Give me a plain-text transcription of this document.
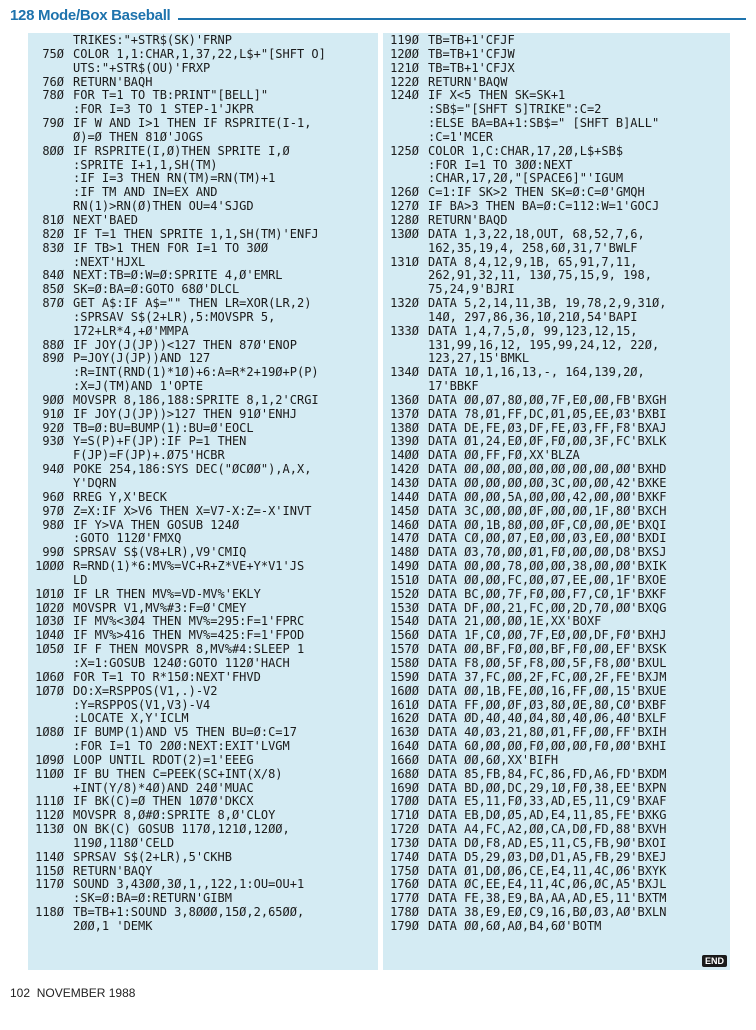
128 Mode/Box Baseball
TRIKES:"+STR$(SK)'FRNP
75Ø COLOR 1,1:CHAR,1,37,22,L$+"[SHFT O]
UTS:"+STR$(OU)'FRXP
76Ø RETURN'BAQH
78Ø FOR T=1 TO TB:PRINT"[BELL]"
:FOR I=3 TO 1 STEP-1'JKPR
79Ø IF W AND I>1 THEN IF RSPRITE(I-1,
Ø)=Ø THEN 81Ø'JOGS
8ØØ IF RSPRITE(I,Ø)THEN SPRITE I,Ø
:SPRITE I+1,1,SH(TM)
:IF I=3 THEN RN(TM)=RN(TM)+1
:IF TM AND IN=EX AND
RN(1)>RN(Ø)THEN OU=4'SJGD
81Ø NEXT'BAED
82Ø IF T=1 THEN SPRITE 1,1,SH(TM)'ENFJ
83Ø IF TB>1 THEN FOR I=1 TO 3ØØ
:NEXT'HJXL
84Ø NEXT:TB=Ø:W=Ø:SPRITE 4,Ø'EMRL
85Ø SK=Ø:BA=Ø:GOTO 68Ø'DLCL
87Ø GET A$:IF A$="" THEN LR=XOR(LR,2)
:SPRSAV S$(2+LR),5:MOVSPR 5,
172+LR*4,+Ø'MMPA
88Ø IF JOY(J(JP))<127 THEN 87Ø'ENOP
89Ø P=JOY(J(JP))AND 127
:R=INT(RND(1)*1Ø)+6:A=R*2+19Ø+P(P)
:X=J(TM)AND 1'OPTE
9ØØ MOVSPR 8,186,188:SPRITE 8,1,2'CRGI
91Ø IF JOY(J(JP))>127 THEN 91Ø'ENHJ
92Ø TB=Ø:BU=BUMP(1):BU=Ø'EOCL
93Ø Y=S(P)+F(JP):IF P=1 THEN
F(JP)=F(JP)+.Ø75'HCBR
94Ø POKE 254,186:SYS DEC("ØCØØ"),A,X,
Y'DQRN
96Ø RREG Y,X'BECK
97Ø Z=X:IF X>V6 THEN X=V7-X:Z=-X'INVT
98Ø IF Y>VA THEN GOSUB 124Ø
:GOTO 112Ø'FMXQ
99Ø SPRSAV S$(V8+LR),V9'CMIQ
1ØØØ R=RND(1)*6:MV%=VC+R+Z*VE+Y*V1'JS
LD
1Ø1Ø IF LR THEN MV%=VD-MV%'EKLY
1Ø2Ø MOVSPR V1,MV%#3:F=Ø'CMEY
1Ø3Ø IF MV%<3Ø4 THEN MV%=295:F=1'FPRC
1Ø4Ø IF MV%>416 THEN MV%=425:F=1'FPOD
1Ø5Ø IF F THEN MOVSPR 8,MV%#4:SLEEP 1
:X=1:GOSUB 124Ø:GOTO 112Ø'HACH
1Ø6Ø FOR T=1 TO R*15Ø:NEXT'FHVD
1Ø7Ø DO:X=RSPPOS(V1,.)-V2
:Y=RSPPOS(V1,V3)-V4
:LOCATE X,Y'ICLM
1Ø8Ø IF BUMP(1)AND V5 THEN BU=Ø:C=17
:FOR I=1 TO 2ØØ:NEXT:EXIT'LVGM
1Ø9Ø LOOP UNTIL RDOT(2)=1'EEEG
11ØØ IF BU THEN C=PEEK(SC+INT(X/8)
+INT(Y/8)*4Ø)AND 24Ø'MUAC
111Ø IF BK(C)=Ø THEN 1Ø7Ø'DKCX
112Ø MOVSPR 8,Ø#Ø:SPRITE 8,Ø'CLOY
113Ø ON BK(C) GOSUB 117Ø,121Ø,12ØØ,
119Ø,118Ø'CELD
114Ø SPRSAV S$(2+LR),5'CKHB
115Ø RETURN'BAQY
117Ø SOUND 3,43ØØ,3Ø,1,,122,1:OU=OU+1
:SK=Ø:BA=Ø:RETURN'GIBM
118Ø TB=TB+1:SOUND 3,8ØØØ,15Ø,2,65ØØ,
2ØØ,1 'DEMK
119Ø TB=TB+1'CFJF
12ØØ TB=TB+1'CFJW
121Ø TB=TB+1'CFJX
122Ø RETURN'BAQW
124Ø IF X<5 THEN SK=SK+1
:SB$="[SHFT S]TRIKE":C=2
:ELSE BA=BA+1:SB$=" [SHFT B]ALL"
:C=1'MCER
125Ø COLOR 1,C:CHAR,17,2Ø,L$+SB$
:FOR I=1 TO 3ØØ:NEXT
:CHAR,17,2Ø,"[SPACE6]"'IGUM
126Ø C=1:IF SK>2 THEN SK=Ø:C=Ø'GMQH
127Ø IF BA>3 THEN BA=Ø:C=112:W=1'GOCJ
128Ø RETURN'BAQD
13ØØ DATA 1,3,22,18,OUT, 68,52,7,6,
162,35,19,4, 258,6Ø,31,7'BWLF
131Ø DATA 8,4,12,9,1B, 65,91,7,11,
262,91,32,11, 13Ø,75,15,9, 198,
75,24,9'BJRI
132Ø DATA 5,2,14,11,3B, 19,78,2,9,31Ø,
14Ø, 297,86,36,1Ø,21Ø,54'BAPI
133Ø DATA 1,4,7,5,Ø, 99,123,12,15,
131,99,16,12, 195,99,24,12, 22Ø,
123,27,15'BMKL
134Ø DATA 1Ø,1,16,13,-, 164,139,2Ø,
17'BBKF
136Ø DATA ØØ,Ø7,8Ø,ØØ,7F,EØ,ØØ,FB'BXGH
137Ø DATA 78,Ø1,FF,DC,Ø1,Ø5,EE,Ø3'BXBI
138Ø DATA DE,FE,Ø3,DF,FE,Ø3,FF,F8'BXAJ
139Ø DATA Ø1,24,EØ,ØF,FØ,ØØ,3F,FC'BXLK
14ØØ DATA ØØ,FF,FØ,XX'BLZA
142Ø DATA ØØ,ØØ,ØØ,ØØ,ØØ,ØØ,ØØ,ØØ'BXHD
143Ø DATA ØØ,ØØ,ØØ,ØØ,3C,ØØ,ØØ,42'BXKE
144Ø DATA ØØ,ØØ,5A,ØØ,ØØ,42,ØØ,ØØ'BXKF
145Ø DATA 3C,ØØ,ØØ,ØF,ØØ,ØØ,1F,8Ø'BXCH
146Ø DATA ØØ,1B,8Ø,ØØ,ØF,CØ,ØØ,ØE'BXQI
147Ø DATA CØ,ØØ,Ø7,EØ,ØØ,Ø3,EØ,ØØ'BXDI
148Ø DATA Ø3,7Ø,ØØ,Ø1,FØ,ØØ,ØØ,D8'BXSJ
149Ø DATA ØØ,ØØ,78,ØØ,ØØ,38,ØØ,ØØ'BXIK
151Ø DATA ØØ,ØØ,FC,ØØ,Ø7,EE,ØØ,1F'BXOE
152Ø DATA BC,ØØ,7F,FØ,ØØ,F7,CØ,1F'BXKF
153Ø DATA DF,ØØ,21,FC,ØØ,2D,7Ø,ØØ'BXQG
154Ø DATA 21,ØØ,ØØ,1E,XX'BOXF
156Ø DATA 1F,CØ,ØØ,7F,EØ,ØØ,DF,FØ'BXHJ
157Ø DATA ØØ,BF,FØ,ØØ,BF,FØ,ØØ,EF'BXSK
158Ø DATA F8,ØØ,5F,F8,ØØ,5F,F8,ØØ'BXUL
159Ø DATA 37,FC,ØØ,2F,FC,ØØ,2F,FE'BXJM
16ØØ DATA ØØ,1B,FE,ØØ,16,FF,ØØ,15'BXUE
161Ø DATA FF,ØØ,ØF,Ø3,8Ø,ØE,8Ø,CØ'BXBF
162Ø DATA ØD,4Ø,4Ø,Ø4,8Ø,4Ø,Ø6,4Ø'BXLF
163Ø DATA 4Ø,Ø3,21,8Ø,Ø1,FF,ØØ,FF'BXIH
164Ø DATA 6Ø,ØØ,ØØ,FØ,ØØ,ØØ,FØ,ØØ'BXHI
166Ø DATA ØØ,6Ø,XX'BIFH
168Ø DATA 85,FB,84,FC,86,FD,A6,FD'BXDM
169Ø DATA BD,ØØ,DC,29,1Ø,FØ,38,EE'BXPN
17ØØ DATA E5,11,FØ,33,AD,E5,11,C9'BXAF
171Ø DATA EB,DØ,Ø5,AD,E4,11,85,FE'BXKG
172Ø DATA A4,FC,A2,ØØ,CA,DØ,FD,88'BXVH
173Ø DATA DØ,F8,AD,E5,11,C5,FB,9Ø'BXOI
174Ø DATA D5,29,Ø3,DØ,D1,A5,FB,29'BXEJ
175Ø DATA Ø1,DØ,Ø6,CE,E4,11,4C,Ø6'BXYK
176Ø DATA ØC,EE,E4,11,4C,Ø6,ØC,A5'BXJL
177Ø DATA FE,38,E9,BA,AA,AD,E5,11'BXTM
178Ø DATA 38,E9,EØ,C9,16,BØ,Ø3,AØ'BXLN
179Ø DATA ØØ,6Ø,AØ,B4,6Ø'BOTM
END
102 NOVEMBER 1988
